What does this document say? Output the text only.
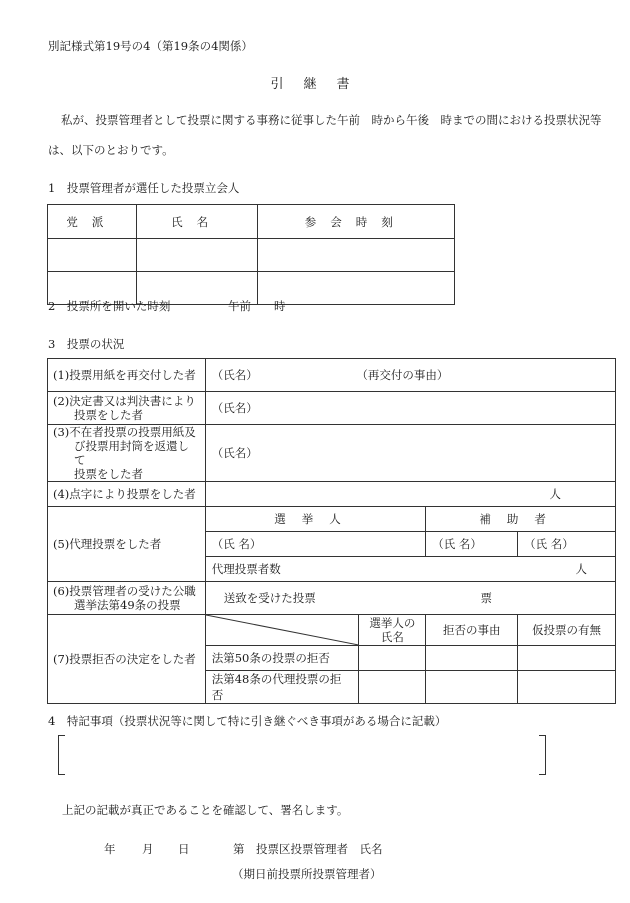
別記様式第19号の4（第19条の4関係）
引継書
私が、投票管理者として投票に関する事務に従事した午前　時から午後　時までの間における投票状況等は、以下のとおりです。
1　投票管理者が選任した投票立会人
党派	氏名	参会時刻

2　投票所を開いた時刻	午前　　時
3　投票の状況
(1)投票用紙を再交付した者	（氏名） （再交付の事由）			
(2)決定書又は判決書により
投票をした者	（氏名）			
(3)不在者投票の投票用紙及
び投票用封筒を返還して
投票をした者	（氏名）			
(4)点字により投票をした者	人			
(5)代理投票をした者	選挙人		補助者	
	（氏 名）		（氏 名）	（氏 名）
	代理投票者数 人			

(6)投票管理者の受けた公職
選挙法第49条の投票	送致を受けた投票 票			

(7)投票拒否の決定をした者		選挙人の
氏名	拒否の事由	仮投票の有無
	法第50条の投票の拒否			
	法第48条の代理投票の拒否			
4　特記事項（投票状況等に関して特に引き継ぐべき事項がある場合に記載）
上記の記載が真正であることを確認して、署名します。
年 月 日	第　投票区投票管理者　氏名
（期日前投票所投票管理者）
